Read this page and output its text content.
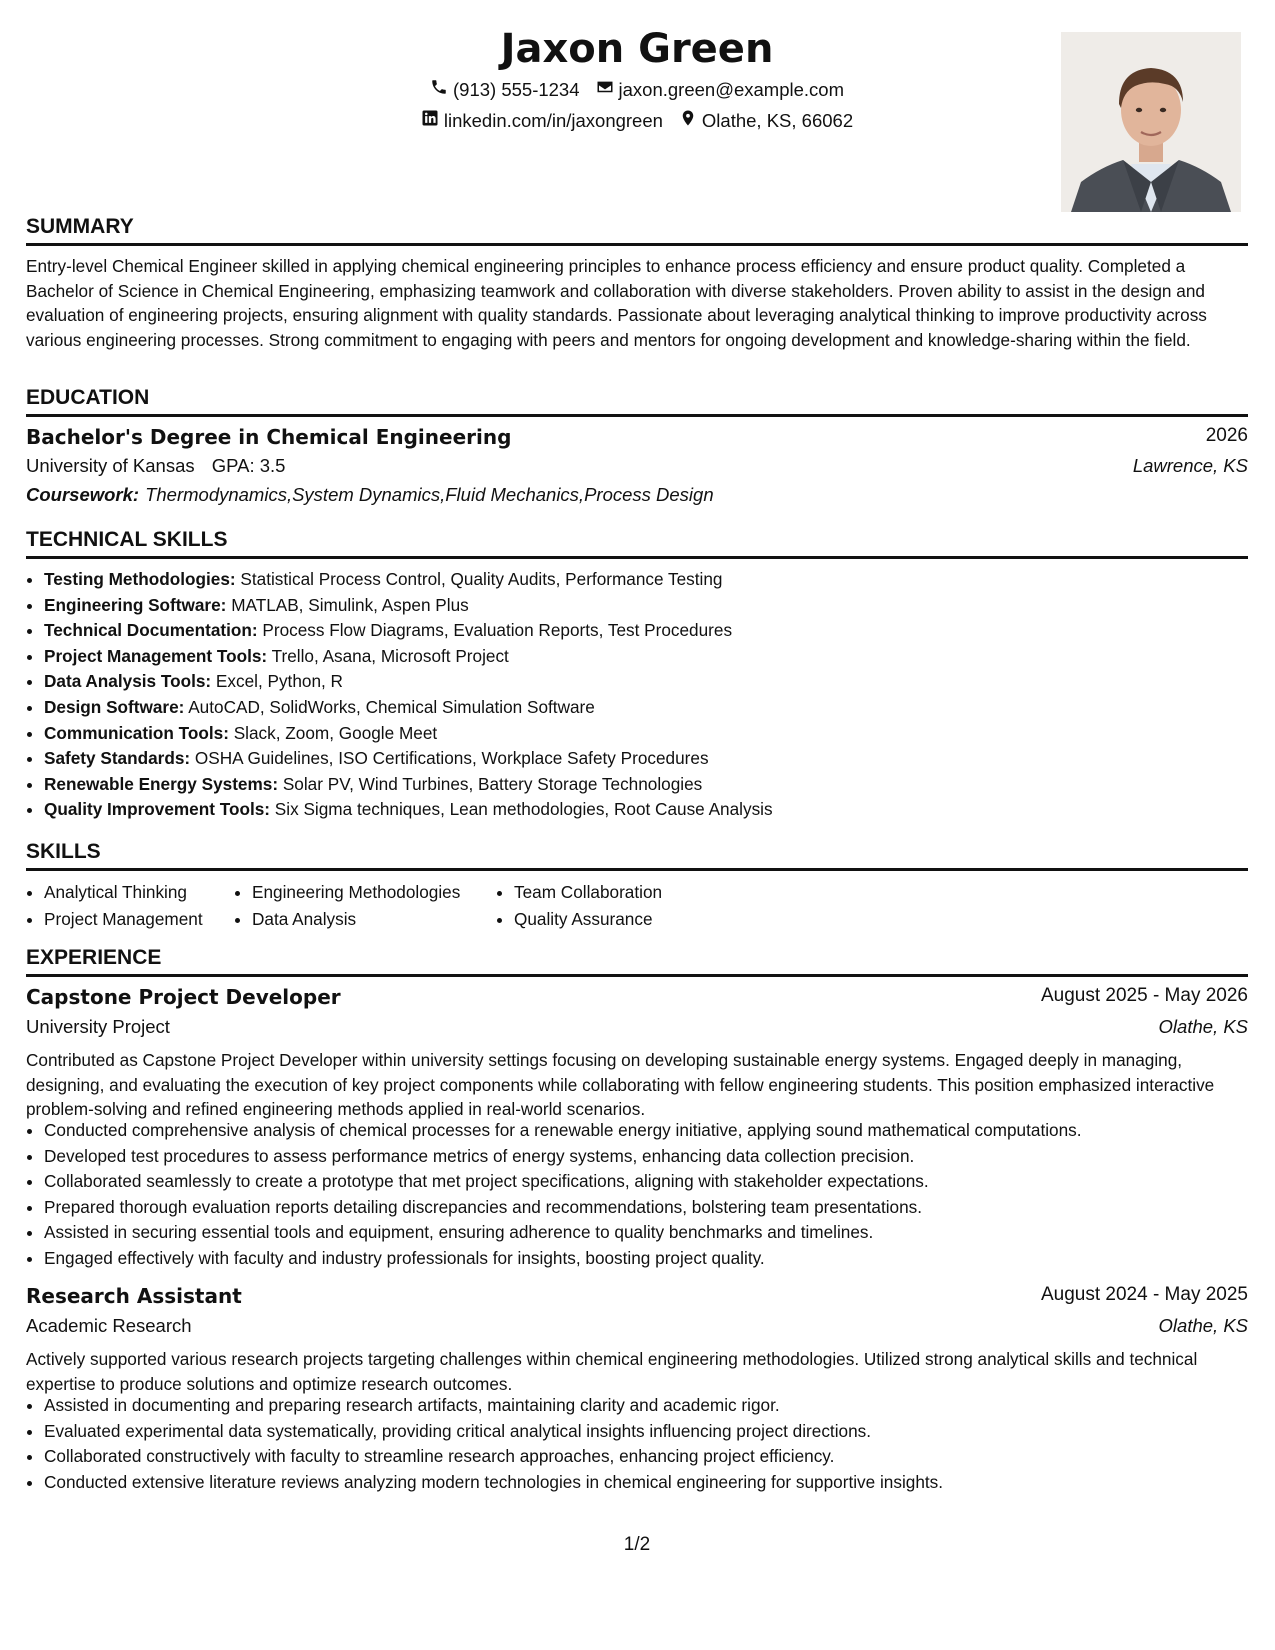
Jaxon Green
(913) 555-1234 jaxon.green@example.com
linkedin.com/in/jaxongreen Olathe, KS, 66062
SUMMARY
Entry-level Chemical Engineer skilled in applying chemical engineering principles to enhance process efficiency and ensure product quality. Completed a Bachelor of Science in Chemical Engineering, emphasizing teamwork and collaboration with diverse stakeholders. Proven ability to assist in the design and evaluation of engineering projects, ensuring alignment with quality standards. Passionate about leveraging analytical thinking to improve productivity across various engineering processes. Strong commitment to engaging with peers and mentors for ongoing development and knowledge-sharing within the field.
EDUCATION
Bachelor's Degree in Chemical Engineering	2026
University of Kansas GPA: 3.5	Lawrence, KS
Coursework: Thermodynamics,System Dynamics,Fluid Mechanics,Process Design
TECHNICAL SKILLS
• Testing Methodologies: Statistical Process Control, Quality Audits, Performance Testing
• Engineering Software: MATLAB, Simulink, Aspen Plus
• Technical Documentation: Process Flow Diagrams, Evaluation Reports, Test Procedures
• Project Management Tools: Trello, Asana, Microsoft Project
• Data Analysis Tools: Excel, Python, R
• Design Software: AutoCAD, SolidWorks, Chemical Simulation Software
• Communication Tools: Slack, Zoom, Google Meet
• Safety Standards: OSHA Guidelines, ISO Certifications, Workplace Safety Procedures
• Renewable Energy Systems: Solar PV, Wind Turbines, Battery Storage Technologies
• Quality Improvement Tools: Six Sigma techniques, Lean methodologies, Root Cause Analysis
SKILLS
• Analytical Thinking
• Project Management
• Engineering Methodologies
• Data Analysis
• Team Collaboration
• Quality Assurance
EXPERIENCE
Capstone Project Developer	August 2025 - May 2026
University Project	Olathe, KS
Contributed as Capstone Project Developer within university settings focusing on developing sustainable energy systems. Engaged deeply in managing, designing, and evaluating the execution of key project components while collaborating with fellow engineering students. This position emphasized interactive problem-solving and refined engineering methods applied in real-world scenarios.
• Conducted comprehensive analysis of chemical processes for a renewable energy initiative, applying sound mathematical computations.
• Developed test procedures to assess performance metrics of energy systems, enhancing data collection precision.
• Collaborated seamlessly to create a prototype that met project specifications, aligning with stakeholder expectations.
• Prepared thorough evaluation reports detailing discrepancies and recommendations, bolstering team presentations.
• Assisted in securing essential tools and equipment, ensuring adherence to quality benchmarks and timelines.
• Engaged effectively with faculty and industry professionals for insights, boosting project quality.
Research Assistant	August 2024 - May 2025
Academic Research	Olathe, KS
Actively supported various research projects targeting challenges within chemical engineering methodologies. Utilized strong analytical skills and technical expertise to produce solutions and optimize research outcomes.
• Assisted in documenting and preparing research artifacts, maintaining clarity and academic rigor.
• Evaluated experimental data systematically, providing critical analytical insights influencing project directions.
• Collaborated constructively with faculty to streamline research approaches, enhancing project efficiency.
• Conducted extensive literature reviews analyzing modern technologies in chemical engineering for supportive insights.
1/2
